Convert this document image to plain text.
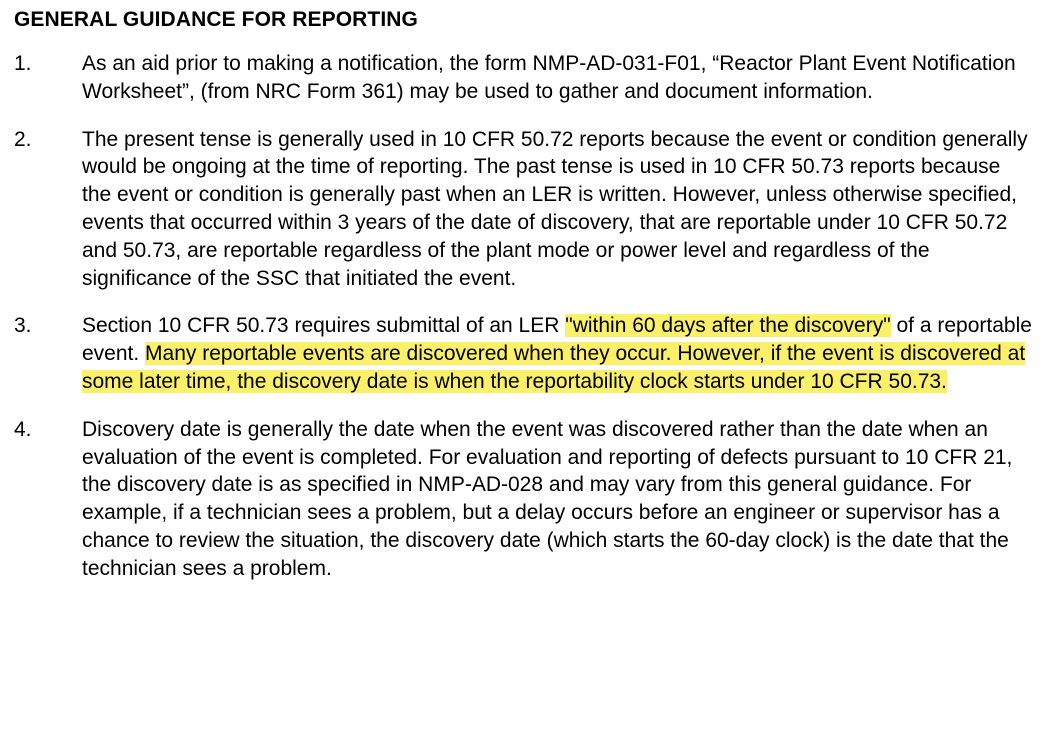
GENERAL GUIDANCE FOR REPORTING
1.	As an aid prior to making a notification, the form NMP-AD-031-F01, “Reactor Plant Event Notification Worksheet”, (from NRC Form 361) may be used to gather and document information.
2.	The present tense is generally used in 10 CFR 50.72 reports because the event or condition generally would be ongoing at the time of reporting. The past tense is used in 10 CFR 50.73 reports because the event or condition is generally past when an LER is written. However, unless otherwise specified, events that occurred within 3 years of the date of discovery, that are reportable under 10 CFR 50.72 and 50.73, are reportable regardless of the plant mode or power level and regardless of the significance of the SSC that initiated the event.
3.	Section 10 CFR 50.73 requires submittal of an LER "within 60 days after the discovery" of a reportable event. Many reportable events are discovered when they occur. However, if the event is discovered at some later time, the discovery date is when the reportability clock starts under 10 CFR 50.73.
4.	Discovery date is generally the date when the event was discovered rather than the date when an evaluation of the event is completed. For evaluation and reporting of defects pursuant to 10 CFR 21, the discovery date is as specified in NMP-AD-028 and may vary from this general guidance. For example, if a technician sees a problem, but a delay occurs before an engineer or supervisor has a chance to review the situation, the discovery date (which starts the 60-day clock) is the date that the technician sees a problem.
